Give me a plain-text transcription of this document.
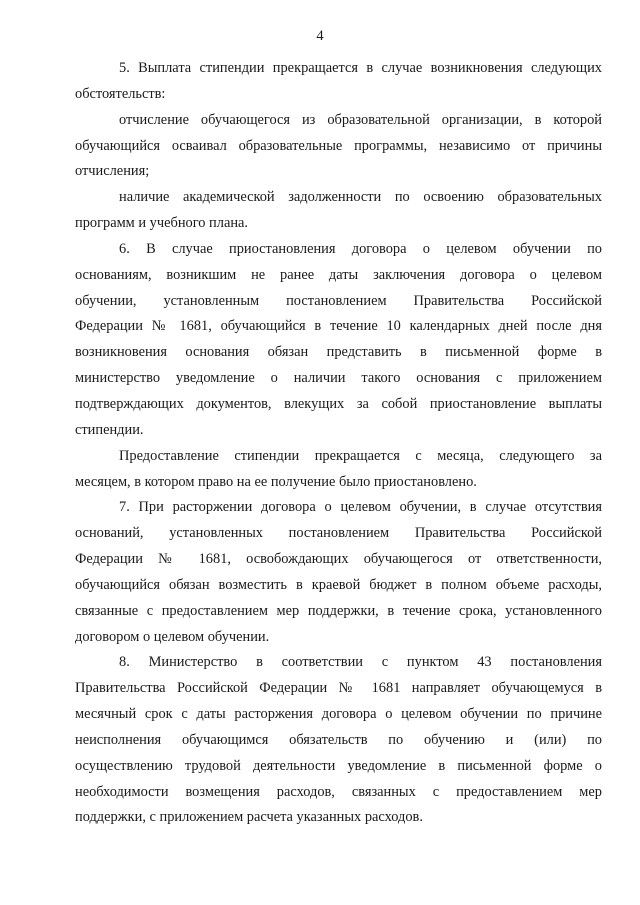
4
5. Выплата стипендии прекращается в случае возникновения следующих
обстоятельств:
отчисление обучающегося из образовательной организации, в которой
обучающийся осваивал образовательные программы, независимо от причины
отчисления;
наличие академической задолженности по освоению образовательных
программ и учебного плана.
6. В случае приостановления договора о целевом обучении по
основаниям, возникшим не ранее даты заключения договора о целевом
обучении, установленным постановлением Правительства Российской
Федерации № 1681, обучающийся в течение 10 календарных дней после дня
возникновения основания обязан представить в письменной форме в
министерство уведомление о наличии такого основания с приложением
подтверждающих документов, влекущих за собой приостановление выплаты
стипендии.
Предоставление стипендии прекращается с месяца, следующего за
месяцем, в котором право на ее получение было приостановлено.
7. При расторжении договора о целевом обучении, в случае отсутствия
оснований, установленных постановлением Правительства Российской
Федерации № 1681, освобождающих обучающегося от ответственности,
обучающийся обязан возместить в краевой бюджет в полном объеме расходы,
связанные с предоставлением мер поддержки, в течение срока, установленного
договором о целевом обучении.
8. Министерство в соответствии с пунктом 43 постановления
Правительства Российской Федерации № 1681 направляет обучающемуся в
месячный срок с даты расторжения договора о целевом обучении по причине
неисполнения обучающимся обязательств по обучению и (или) по
осуществлению трудовой деятельности уведомление в письменной форме о
необходимости возмещения расходов, связанных с предоставлением мер
поддержки, с приложением расчета указанных расходов.
